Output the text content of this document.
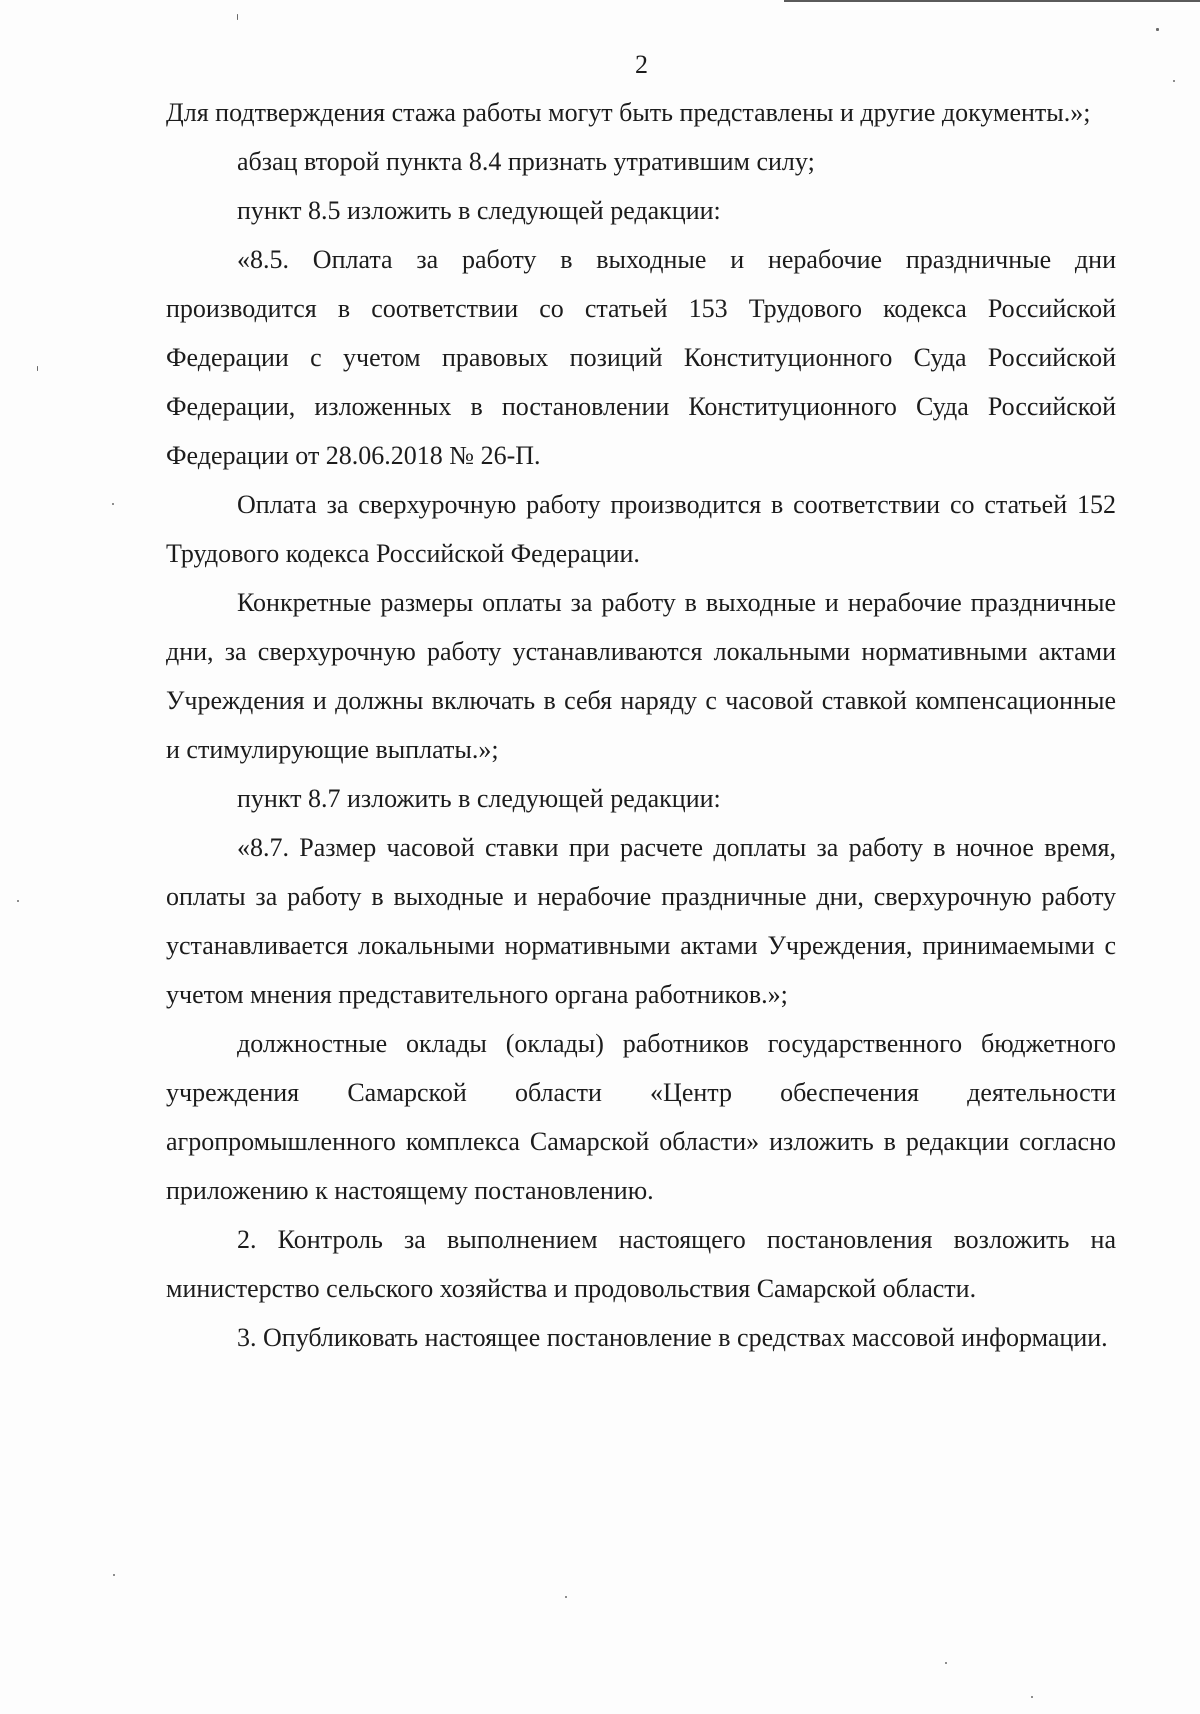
2

Для подтверждения стажа работы могут быть представлены и другие документы.»;

абзац второй пункта 8.4 признать утратившим силу;

пункт 8.5 изложить в следующей редакции:

«8.5. Оплата за работу в выходные и нерабочие праздничные дни производится в соответствии со статьей 153 Трудового кодекса Российской Федерации с учетом правовых позиций Конституционного Суда Российской Федерации, изложенных в постановлении Конституционного Суда Российской Федерации от 28.06.2018 № 26-П.

Оплата за сверхурочную работу производится в соответствии со статьей 152 Трудового кодекса Российской Федерации.

Конкретные размеры оплаты за работу в выходные и нерабочие праздничные дни, за сверхурочную работу устанавливаются локальными нормативными актами Учреждения и должны включать в себя наряду с часовой ставкой компенсационные и стимулирующие выплаты.»;

пункт 8.7 изложить в следующей редакции:

«8.7. Размер часовой ставки при расчете доплаты за работу в ночное время, оплаты за работу в выходные и нерабочие праздничные дни, сверхурочную работу устанавливается локальными нормативными актами Учреждения, принимаемыми с учетом мнения представительного органа работников.»;

должностные оклады (оклады) работников государственного бюджетного учреждения Самарской области «Центр обеспечения деятельности агропромышленного комплекса Самарской области» изложить в редакции согласно приложению к настоящему постановлению.

2. Контроль за выполнением настоящего постановления возложить на министерство сельского хозяйства и продовольствия Самарской области.

3. Опубликовать настоящее постановление в средствах массовой информации.
